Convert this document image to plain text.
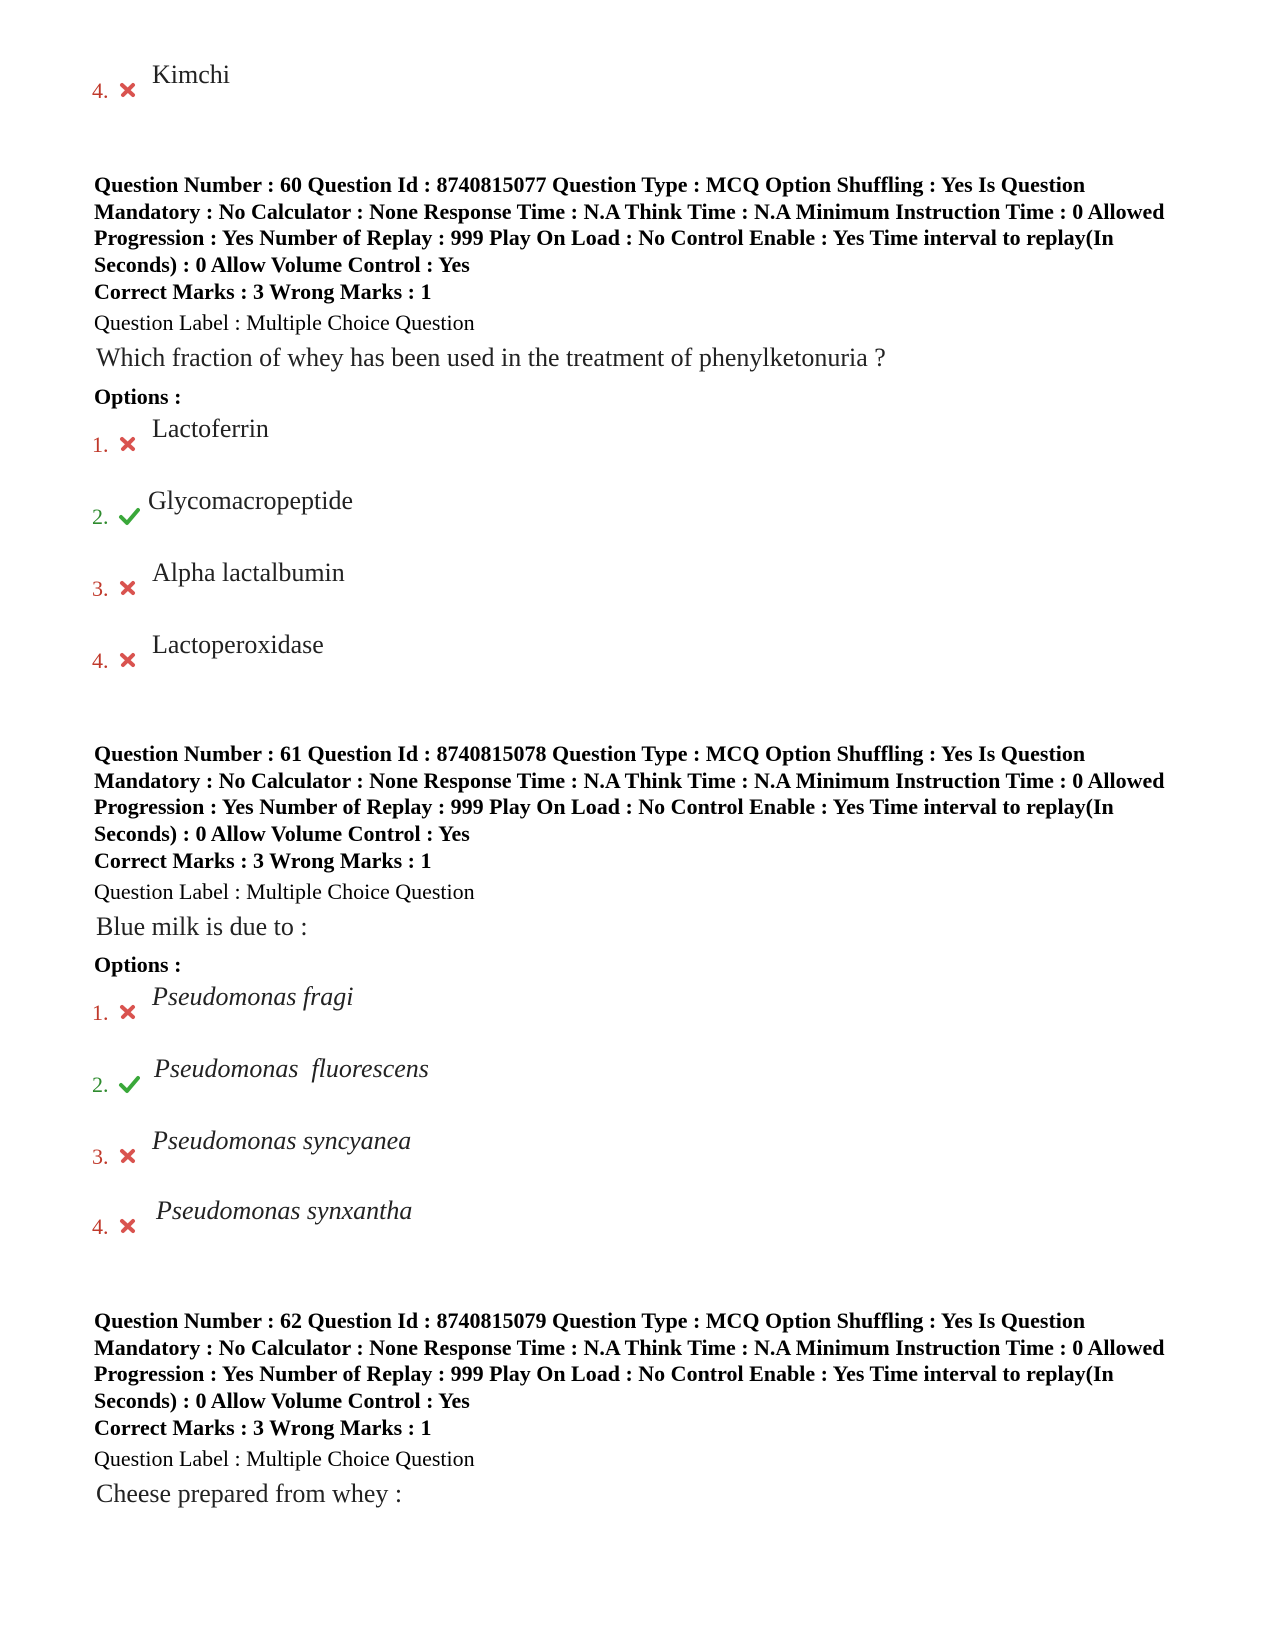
4.
Kimchi
Question Number : 60 Question Id : 8740815077 Question Type : MCQ Option Shuffling : Yes Is Question Mandatory : No Calculator : None Response Time : N.A Think Time : N.A Minimum Instruction Time : 0 Allowed Progression : Yes Number of Replay : 999 Play On Load : No Control Enable : Yes Time interval to replay(In Seconds) : 0 Allow Volume Control : Yes
Correct Marks : 3 Wrong Marks : 1
Question Label : Multiple Choice Question
Which fraction of whey has been used in the treatment of phenylketonuria ?
Options :
1.
Lactoferrin
2.
Glycomacropeptide
3.
Alpha lactalbumin
4.
Lactoperoxidase
Question Number : 61 Question Id : 8740815078 Question Type : MCQ Option Shuffling : Yes Is Question Mandatory : No Calculator : None Response Time : N.A Think Time : N.A Minimum Instruction Time : 0 Allowed Progression : Yes Number of Replay : 999 Play On Load : No Control Enable : Yes Time interval to replay(In Seconds) : 0 Allow Volume Control : Yes
Correct Marks : 3 Wrong Marks : 1
Question Label : Multiple Choice Question
Blue milk is due to :
Options :
1.
Pseudomonas fragi
2.
Pseudomonas  fluorescens
3.
Pseudomonas syncyanea
4.
Pseudomonas synxantha
Question Number : 62 Question Id : 8740815079 Question Type : MCQ Option Shuffling : Yes Is Question Mandatory : No Calculator : None Response Time : N.A Think Time : N.A Minimum Instruction Time : 0 Allowed Progression : Yes Number of Replay : 999 Play On Load : No Control Enable : Yes Time interval to replay(In Seconds) : 0 Allow Volume Control : Yes
Correct Marks : 3 Wrong Marks : 1
Question Label : Multiple Choice Question
Cheese prepared from whey :
